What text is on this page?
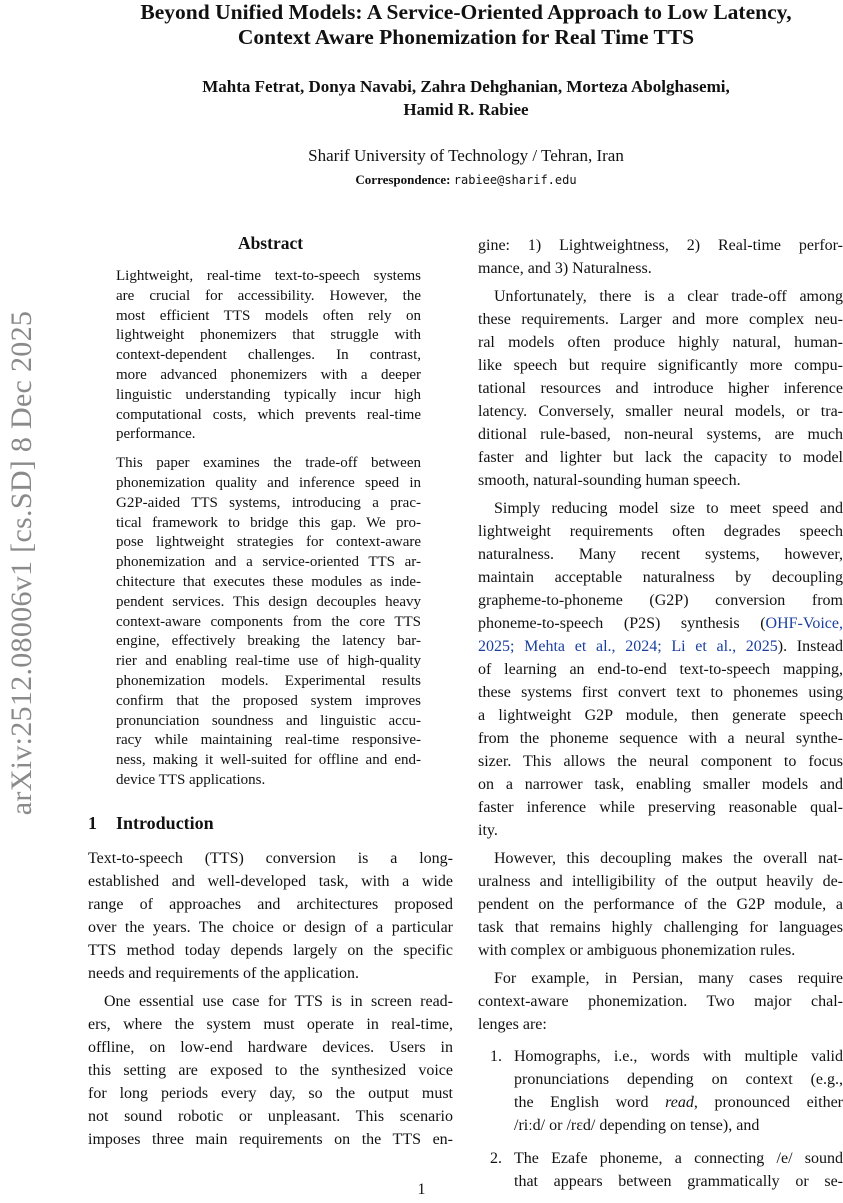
arXiv:2512.08006v1 [cs.SD] 8 Dec 2025
Beyond Unified Models: A Service-Oriented Approach to Low Latency,
Context Aware Phonemization for Real Time TTS
Mahta Fetrat, Donya Navabi, Zahra Dehghanian, Morteza Abolghasemi,
Hamid R. Rabiee
Sharif University of Technology / Tehran, Iran
Correspondence: rabiee@sharif.edu
Abstract
Lightweight, real-time text-to-speech systems
are crucial for accessibility. However, the
most efficient TTS models often rely on
lightweight phonemizers that struggle with
context-dependent challenges. In contrast,
more advanced phonemizers with a deeper
linguistic understanding typically incur high
computational costs, which prevents real-time
performance.
This paper examines the trade-off between
phonemization quality and inference speed in
G2P-aided TTS systems, introducing a prac-
tical framework to bridge this gap. We pro-
pose lightweight strategies for context-aware
phonemization and a service-oriented TTS ar-
chitecture that executes these modules as inde-
pendent services. This design decouples heavy
context-aware components from the core TTS
engine, effectively breaking the latency bar-
rier and enabling real-time use of high-quality
phonemization models. Experimental results
confirm that the proposed system improves
pronunciation soundness and linguistic accu-
racy while maintaining real-time responsive-
ness, making it well-suited for offline and end-
device TTS applications.
1 Introduction
Text-to-speech (TTS) conversion is a long-
established and well-developed task, with a wide
range of approaches and architectures proposed
over the years. The choice or design of a particular
TTS method today depends largely on the specific
needs and requirements of the application.
One essential use case for TTS is in screen read-
ers, where the system must operate in real-time,
offline, on low-end hardware devices. Users in
this setting are exposed to the synthesized voice
for long periods every day, so the output must
not sound robotic or unpleasant. This scenario
imposes three main requirements on the TTS en-
gine: 1) Lightweightness, 2) Real-time perfor-
mance, and 3) Naturalness.
Unfortunately, there is a clear trade-off among
these requirements. Larger and more complex neu-
ral models often produce highly natural, human-
like speech but require significantly more compu-
tational resources and introduce higher inference
latency. Conversely, smaller neural models, or tra-
ditional rule-based, non-neural systems, are much
faster and lighter but lack the capacity to model
smooth, natural-sounding human speech.
Simply reducing model size to meet speed and
lightweight requirements often degrades speech
naturalness. Many recent systems, however,
maintain acceptable naturalness by decoupling
grapheme-to-phoneme (G2P) conversion from
phoneme-to-speech (P2S) synthesis (OHF-Voice,
2025; Mehta et al., 2024; Li et al., 2025). Instead
of learning an end-to-end text-to-speech mapping,
these systems first convert text to phonemes using
a lightweight G2P module, then generate speech
from the phoneme sequence with a neural synthe-
sizer. This allows the neural component to focus
on a narrower task, enabling smaller models and
faster inference while preserving reasonable qual-
ity.
However, this decoupling makes the overall nat-
uralness and intelligibility of the output heavily de-
pendent on the performance of the G2P module, a
task that remains highly challenging for languages
with complex or ambiguous phonemization rules.
For example, in Persian, many cases require
context-aware phonemization. Two major chal-
lenges are:
1. Homographs, i.e., words with multiple valid
pronunciations depending on context (e.g.,
the English word read, pronounced either
/riːd/ or /rɛd/ depending on tense), and
2. The Ezafe phoneme, a connecting /e/ sound
that appears between grammatically or se-
1
